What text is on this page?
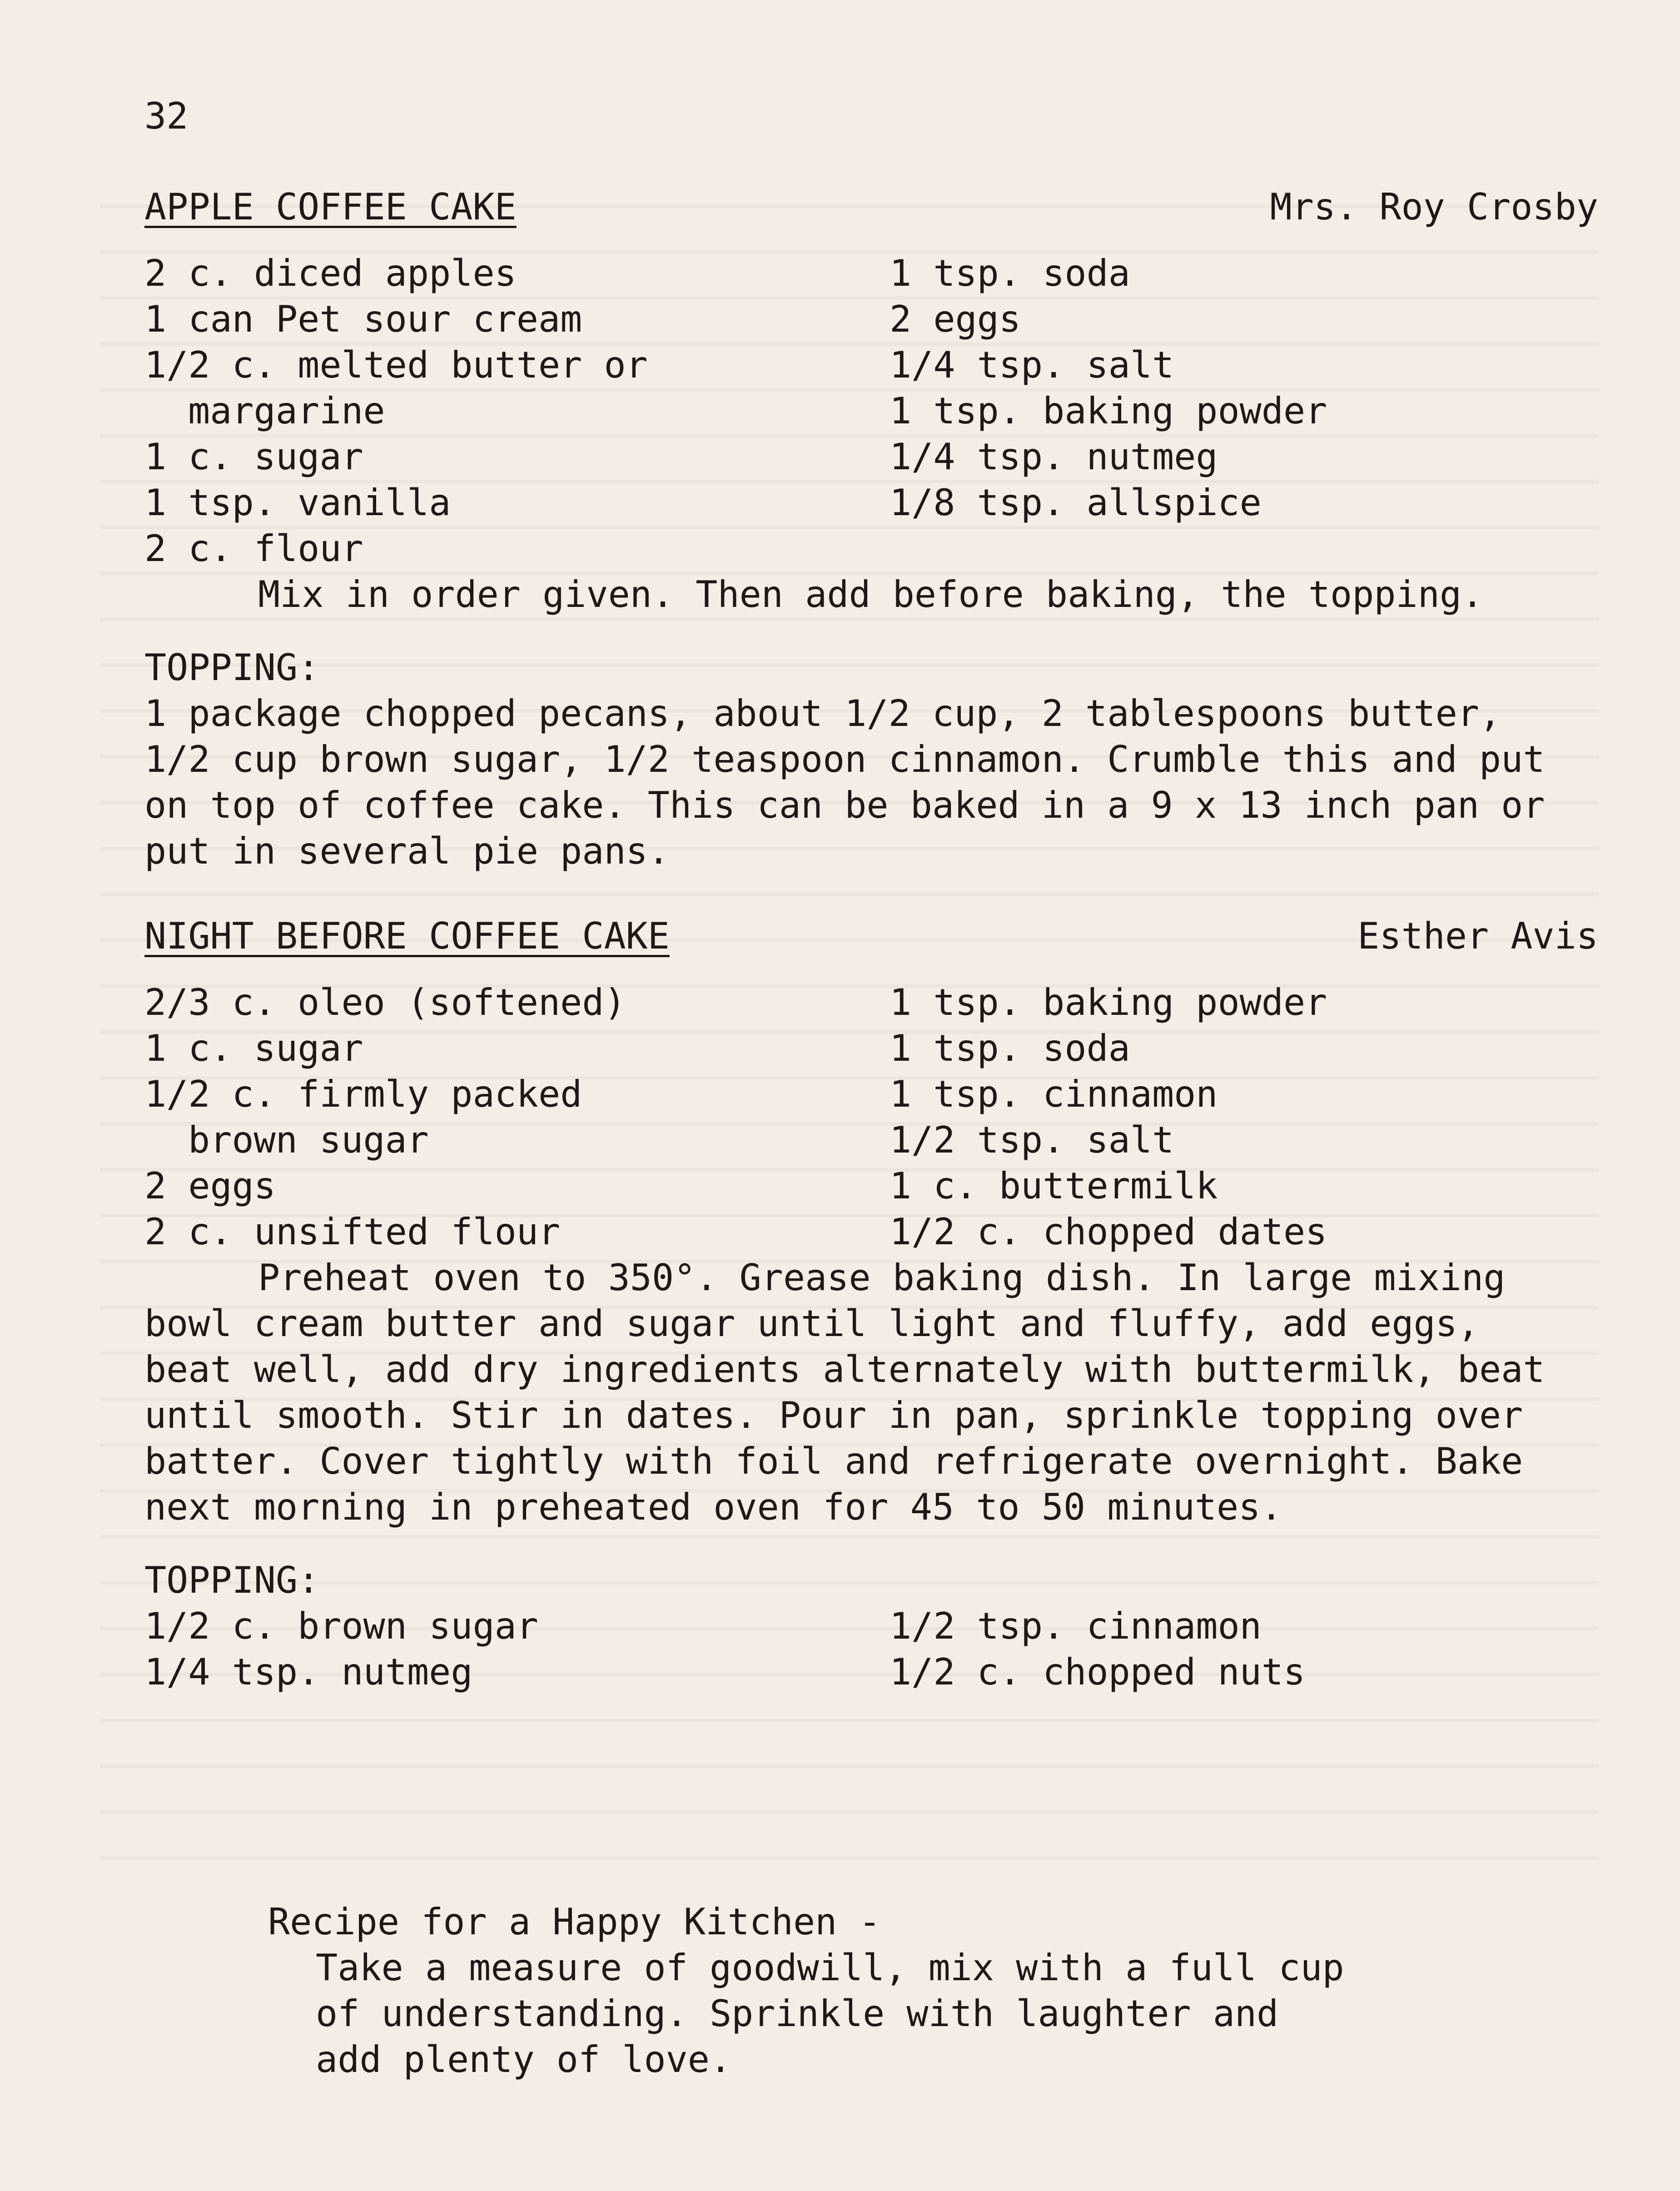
32
APPLE COFFEE CAKE	Mrs. Roy Crosby
2 c. diced apples
1 can Pet sour cream
1/2 c. melted butter or
margarine
1 c. sugar
1 tsp. vanilla
2 c. flour
1 tsp. soda
2 eggs
1/4 tsp. salt
1 tsp. baking powder
1/4 tsp. nutmeg
1/8 tsp. allspice

Mix in order given. Then add before baking, the topping.

TOPPING:

1 package chopped pecans, about 1/2 cup, 2 tablespoons butter, 1/2 cup brown sugar, 1/2 teaspoon cinnamon. Crumble this and put on top of coffee cake. This can be baked in a 9 x 13 inch pan or put in several pie pans.

NIGHT BEFORE COFFEE CAKE	Esther Avis
2/3 c. oleo (softened)
1 c. sugar
1/2 c. firmly packed
brown sugar
2 eggs
2 c. unsifted flour
1 tsp. baking powder
1 tsp. soda
1 tsp. cinnamon
1/2 tsp. salt
1 c. buttermilk
1/2 c. chopped dates

Preheat oven to 350°. Grease baking dish. In large mixing bowl cream butter and sugar until light and fluffy, add eggs, beat well, add dry ingredients alternately with buttermilk, beat until smooth. Stir in dates. Pour in pan, sprinkle topping over batter. Cover tightly with foil and refrigerate overnight. Bake next morning in preheated oven for 45 to 50 minutes.

TOPPING:
1/2 c. brown sugar
1/4 tsp. nutmeg
1/2 tsp. cinnamon
1/2 c. chopped nuts
Recipe for a Happy Kitchen -
Take a measure of goodwill, mix with a full cup
of understanding. Sprinkle with laughter and
add plenty of love.
